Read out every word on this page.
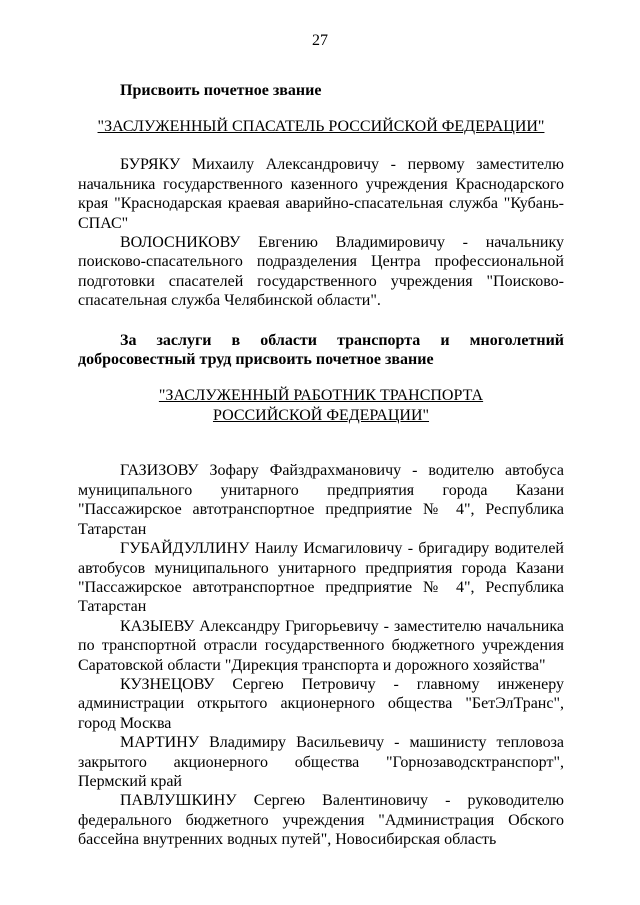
27

Присвоить почетное звание

"ЗАСЛУЖЕННЫЙ СПАСАТЕЛЬ РОССИЙСКОЙ ФЕДЕРАЦИИ"

БУРЯКУ Михаилу Александровичу - первому заместителю начальника государственного казенного учреждения Краснодарского края "Краснодарская краевая аварийно-спасательная служба "Кубань-СПАС"

ВОЛОСНИКОВУ Евгению Владимировичу - начальнику поисково-спасательного подразделения Центра профессиональной подготовки спасателей государственного учреждения "Поисково-спасательная служба Челябинской области".

За заслуги в области транспорта и многолетний
добросовестный труд присвоить почетное звание

"ЗАСЛУЖЕННЫЙ РАБОТНИК ТРАНСПОРТА

РОССИЙСКОЙ ФЕДЕРАЦИИ"

ГАЗИЗОВУ Зофару Файздрахмановичу - водителю автобуса муниципального унитарного предприятия города Казани "Пассажирское автотранспортное предприятие № 4", Республика Татарстан

ГУБАЙДУЛЛИНУ Наилу Исмагиловичу - бригадиру водителей автобусов муниципального унитарного предприятия города Казани "Пассажирское автотранспортное предприятие № 4", Республика Татарстан

КАЗЫЕВУ Александру Григорьевичу - заместителю начальника по транспортной отрасли государственного бюджетного учреждения Саратовской области "Дирекция транспорта и дорожного хозяйства"

КУЗНЕЦОВУ Сергею Петровичу - главному инженеру администрации открытого акционерного общества "БетЭлТранс", город Москва

МАРТИНУ Владимиру Васильевичу - машинисту тепловоза закрытого акционерного общества "Горнозаводсктранспорт", Пермский край

ПАВЛУШКИНУ Сергею Валентиновичу - руководителю федерального бюджетного учреждения "Администрация Обского бассейна внутренних водных путей", Новосибирская область
